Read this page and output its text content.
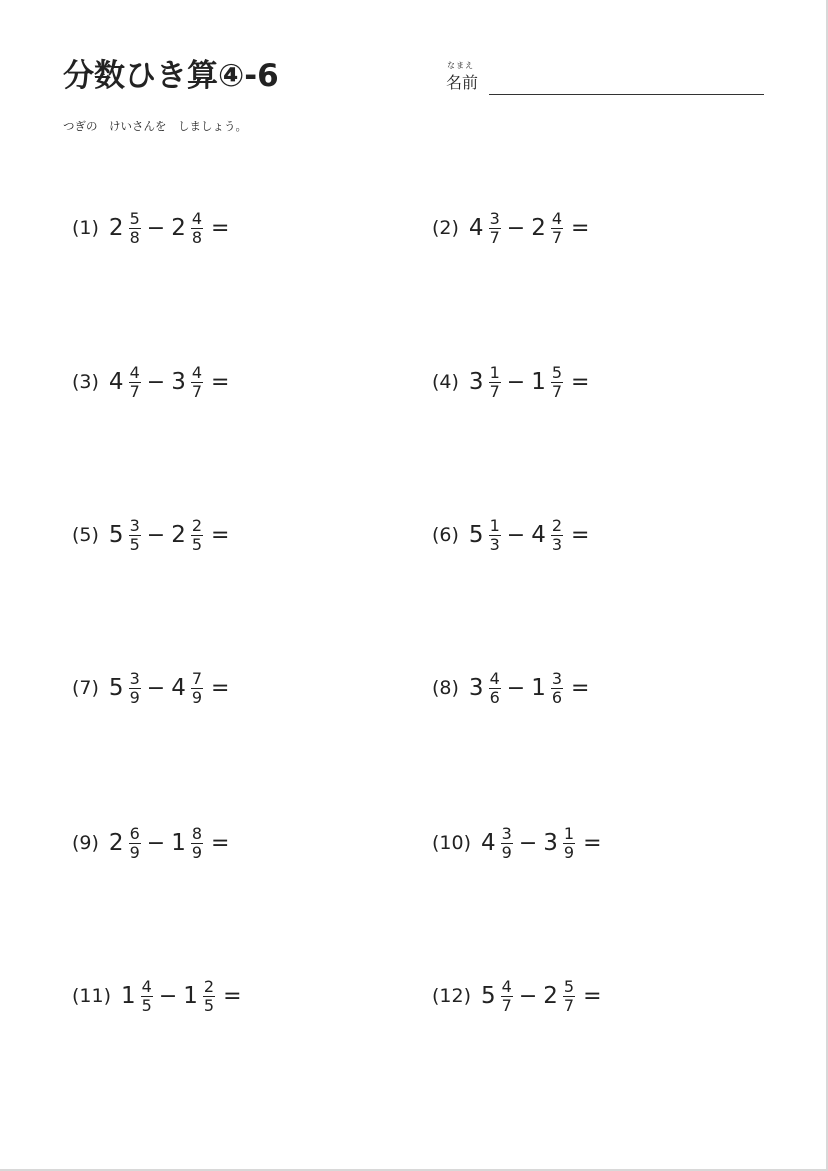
分数ひき算④-6	なまえ
名前
つぎの　けいさんを　しましょう。
(1) $2 \frac{5}{8} - 2 \frac{4}{8}$ =	(2) $4 \frac{3}{7} - 2 \frac{4}{7}$ =
(3) $4 \frac{4}{7} - 3 \frac{4}{7}$ =	(4) $3 \frac{1}{7} - 1 \frac{5}{7}$ =
(5) $5 \frac{3}{5} - 2 \frac{2}{5}$ =	(6) $5 \frac{1}{3} - 4 \frac{2}{3}$ =
(7) $5 \frac{3}{9} - 4 \frac{7}{9}$ =	(8) $3 \frac{4}{6} - 1 \frac{3}{6}$ =
(9) $2 \frac{6}{9} - 1 \frac{8}{9}$ =	(10) $4 \frac{3}{9} - 3 \frac{1}{9}$ =
(11) $1 \frac{4}{5} - 1 \frac{2}{5}$ =	(12) $5 \frac{4}{7} - 2 \frac{5}{7}$ =
